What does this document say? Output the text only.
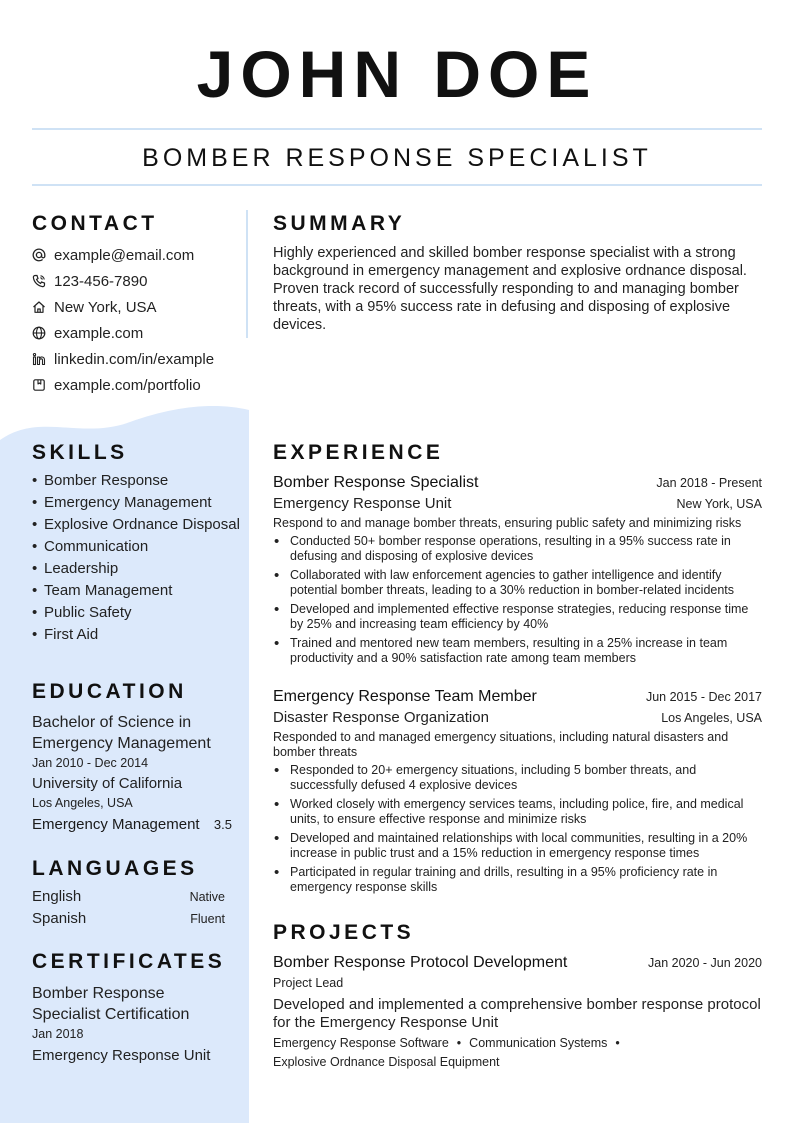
JOHN DOE
BOMBER RESPONSE SPECIALIST
CONTACT
example@email.com
123-456-7890
New York, USA
example.com
linkedin.com/in/example
example.com/portfolio
SUMMARY
Highly experienced and skilled bomber response specialist with a strong background in emergency management and explosive ordnance disposal. Proven track record of successfully responding to and managing bomber threats, with a 95% success rate in defusing and disposing of explosive devices.
SKILLS
• Bomber Response
• Emergency Management
• Explosive Ordnance Disposal
• Communication
• Leadership
• Team Management
• Public Safety
• First Aid
EDUCATION
Bachelor of Science in Emergency Management
Jan 2010 - Dec 2014
University of California
Los Angeles, USA
Emergency Management 3.5
LANGUAGES
English	Native
Spanish	Fluent
CERTIFICATES
Bomber Response Specialist Certification
Jan 2018
Emergency Response Unit
EXPERIENCE
Bomber Response Specialist	Jan 2018 - Present
Emergency Response Unit	New York, USA
Respond to and manage bomber threats, ensuring public safety and minimizing risks
• Conducted 50+ bomber response operations, resulting in a 95% success rate in defusing and disposing of explosive devices
• Collaborated with law enforcement agencies to gather intelligence and identify potential bomber threats, leading to a 30% reduction in bomber-related incidents
• Developed and implemented effective response strategies, reducing response time by 25% and increasing team efficiency by 40%
• Trained and mentored new team members, resulting in a 25% increase in team productivity and a 90% satisfaction rate among team members
Emergency Response Team Member	Jun 2015 - Dec 2017
Disaster Response Organization	Los Angeles, USA
Responded to and managed emergency situations, including natural disasters and bomber threats
• Responded to 20+ emergency situations, including 5 bomber threats, and successfully defused 4 explosive devices
• Worked closely with emergency services teams, including police, fire, and medical units, to ensure effective response and minimize risks
• Developed and maintained relationships with local communities, resulting in a 20% increase in public trust and a 15% reduction in emergency response times
• Participated in regular training and drills, resulting in a 95% proficiency rate in emergency response skills
PROJECTS
Bomber Response Protocol Development	Jan 2020 - Jun 2020
Project Lead
Developed and implemented a comprehensive bomber response protocol for the Emergency Response Unit
Emergency Response Software • Communication Systems •
Explosive Ordnance Disposal Equipment
